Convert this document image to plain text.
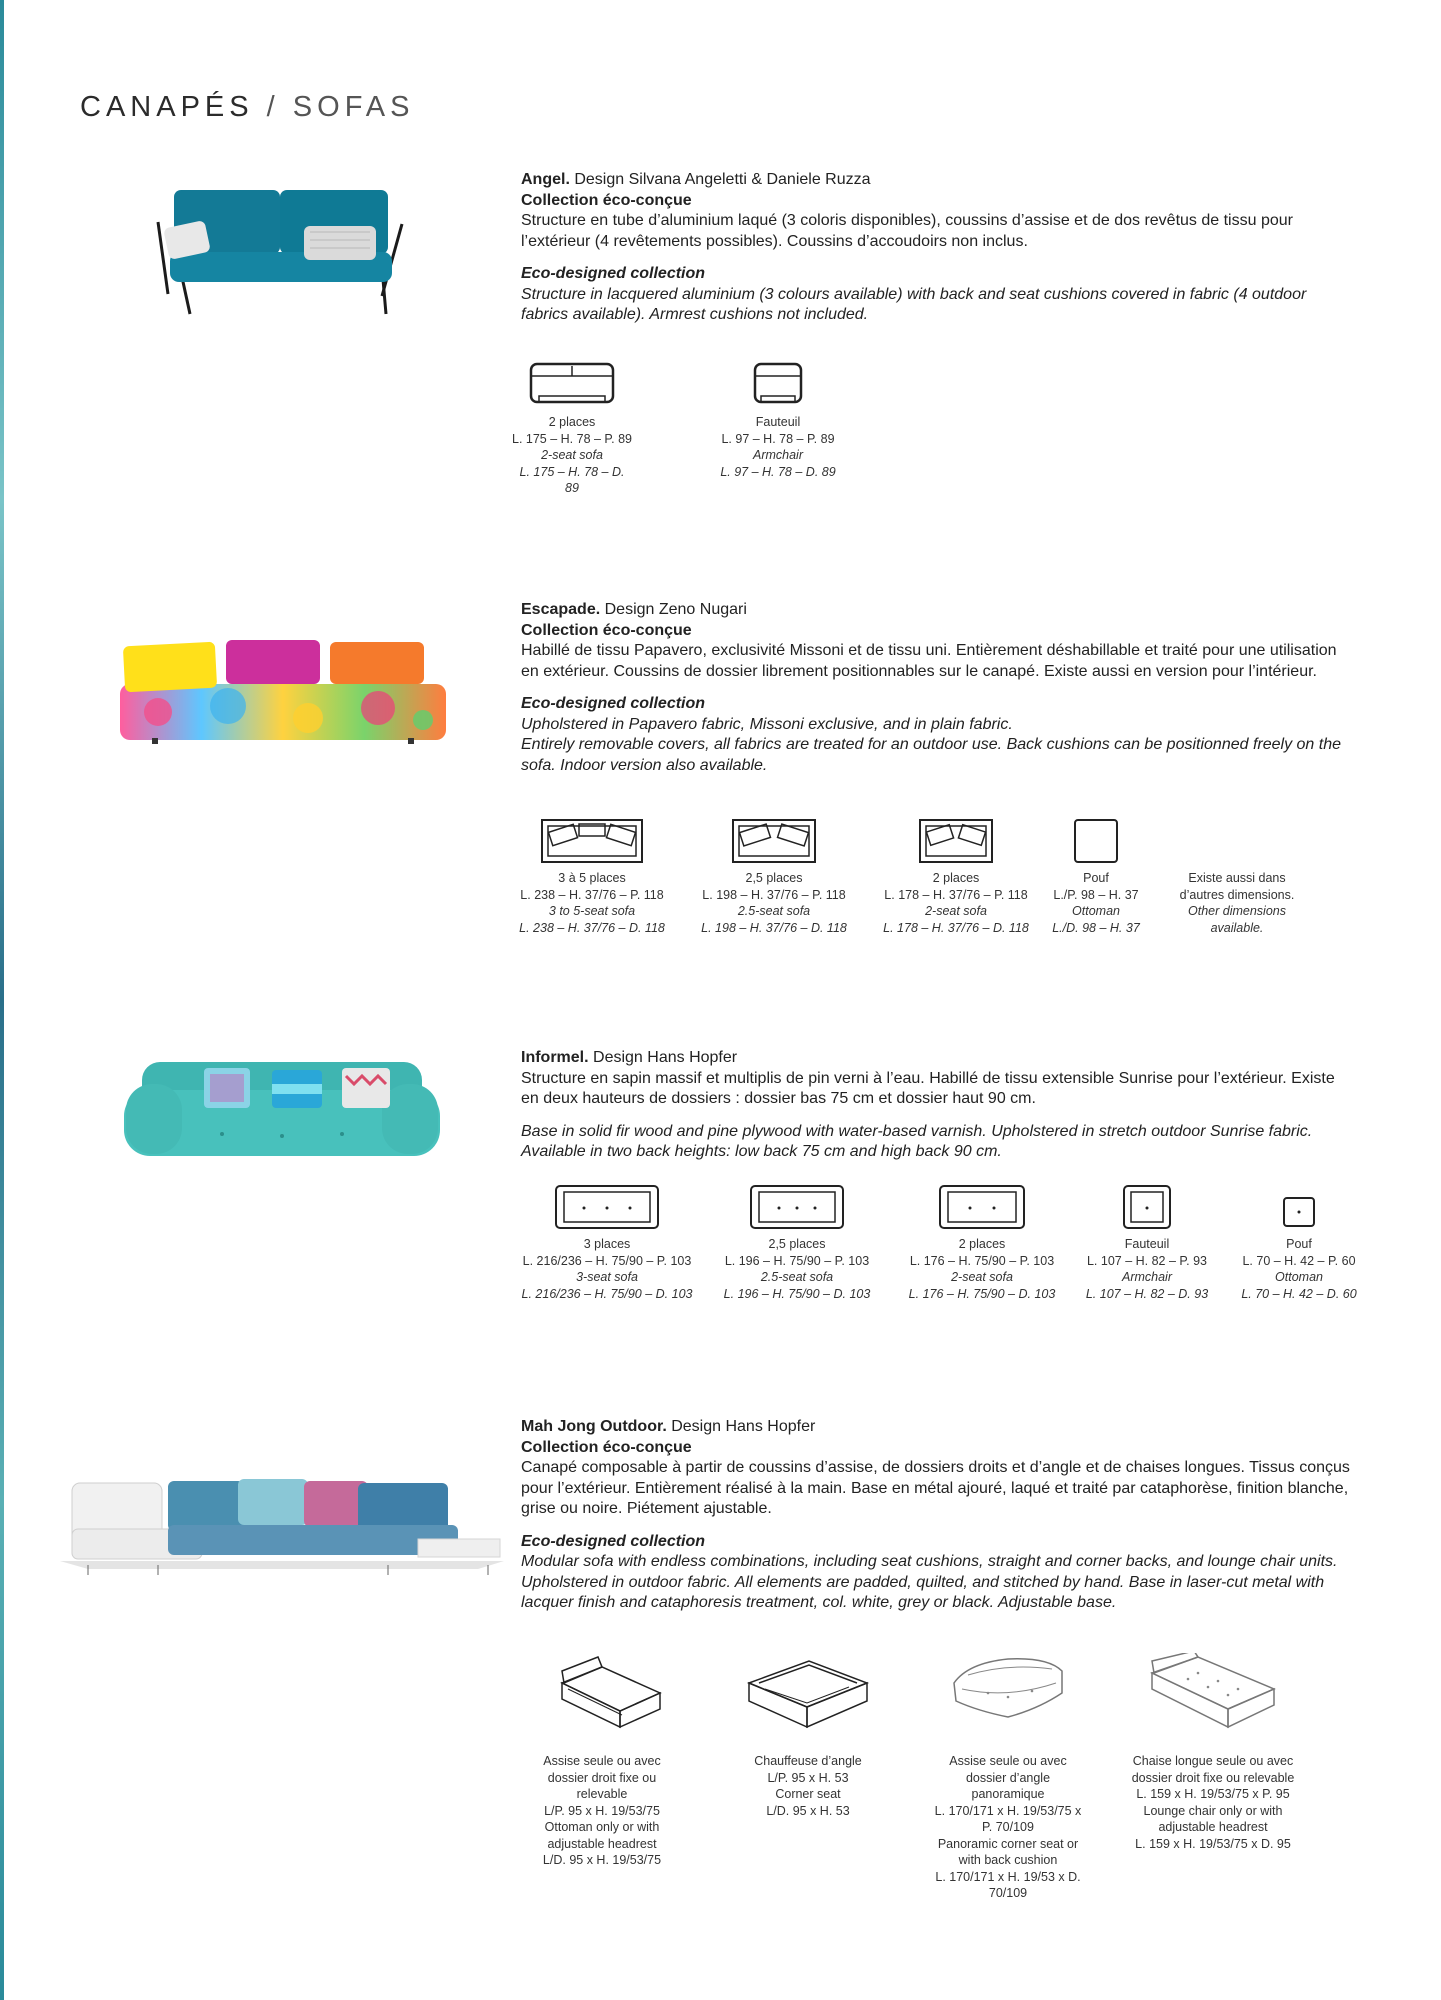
CANAPÉS / SOFAS

Angel. Design Silvana Angeletti & Daniele Ruzza

Collection éco-conçue

Structure en tube d’aluminium laqué (3 coloris disponibles), coussins d’assise et de dos revêtus de tissu pour l’extérieur (4 revêtements possibles). Coussins d’accoudoirs non inclus.

Eco-designed collection

Structure in lacquered aluminium (3 colours available) with back and seat cushions covered in fabric (4 outdoor fabrics available). Armrest cushions not included.

2 places
L. 175 – H. 78 – P. 89
2-seat sofa
L. 175 – H. 78 – D. 89
Fauteuil
L. 97 – H. 78 – P. 89
Armchair
L. 97 – H. 78 – D. 89

Escapade. Design Zeno Nugari

Collection éco-conçue

Habillé de tissu Papavero, exclusivité Missoni et de tissu uni. Entièrement déshabillable et traité pour une utilisation en extérieur. Coussins de dossier librement positionnables sur le canapé. Existe aussi en version pour l’intérieur.

Eco-designed collection

Upholstered in Papavero fabric, Missoni exclusive, and in plain fabric.

Entirely removable covers, all fabrics are treated for an outdoor use. Back cushions can be positionned freely on the sofa. Indoor version also available.

3 à 5 places
L. 238 – H. 37/76 – P. 118
3 to 5-seat sofa
L. 238 – H. 37/76 – D. 118
2,5 places
L. 198 – H. 37/76 – P. 118
2.5-seat sofa
L. 198 – H. 37/76 – D. 118
2 places
L. 178 – H. 37/76 – P. 118
2-seat sofa
L. 178 – H. 37/76 – D. 118
Pouf
L./P. 98 – H. 37
Ottoman
L./D. 98 – H. 37
Existe aussi dans
d’autres dimensions.
Other dimensions
available.

Informel. Design Hans Hopfer

Structure en sapin massif et multiplis de pin verni à l’eau. Habillé de tissu extensible Sunrise pour l’extérieur. Existe en deux hauteurs de dossiers : dossier bas 75 cm et dossier haut 90 cm.

Base in solid fir wood and pine plywood with water-based varnish. Upholstered in stretch outdoor Sunrise fabric. Available in two back heights: low back 75 cm and high back 90 cm.

3 places
L. 216/236 – H. 75/90 – P. 103
3-seat sofa
L. 216/236 – H. 75/90 – D. 103
2,5 places
L. 196 – H. 75/90 – P. 103
2.5-seat sofa
L. 196 – H. 75/90 – D. 103
2 places
L. 176 – H. 75/90 – P. 103
2-seat sofa
L. 176 – H. 75/90 – D. 103
Fauteuil
L. 107 – H. 82 – P. 93
Armchair
L. 107 – H. 82 – D. 93
Pouf
L. 70 – H. 42 – P. 60
Ottoman
L. 70 – H. 42 – D. 60

Mah Jong Outdoor. Design Hans Hopfer

Collection éco-conçue

Canapé composable à partir de coussins d’assise, de dossiers droits et d’angle et de chaises longues. Tissus conçus pour l’extérieur. Entièrement réalisé à la main. Base en métal ajouré, laqué et traité par cataphorèse, finition blanche, grise ou noire. Piétement ajustable.

Eco-designed collection

Modular sofa with endless combinations, including seat cushions, straight and corner backs, and lounge chair units. Upholstered in outdoor fabric. All elements are padded, quilted, and stitched by hand. Base in laser-cut metal with lacquer finish and cataphoresis treatment, col. white, grey or black. Adjustable base.

Assise seule ou avec dossier droit fixe ou relevable
L/P. 95 x H. 19/53/75
Ottoman only or with adjustable headrest
L/D. 95 x H. 19/53/75
Chauffeuse d’angle
L/P. 95 x H. 53
Corner seat
L/D. 95 x H. 53
Assise seule ou avec dossier d’angle panoramique
L. 170/171 x H. 19/53/75 x P. 70/109
Panoramic corner seat or with back cushion
L. 170/171 x H. 19/53 x D. 70/109
Chaise longue seule ou avec dossier droit fixe ou relevable
L. 159 x H. 19/53/75 x P. 95
Lounge chair only or with adjustable headrest
L. 159 x H. 19/53/75 x D. 95
